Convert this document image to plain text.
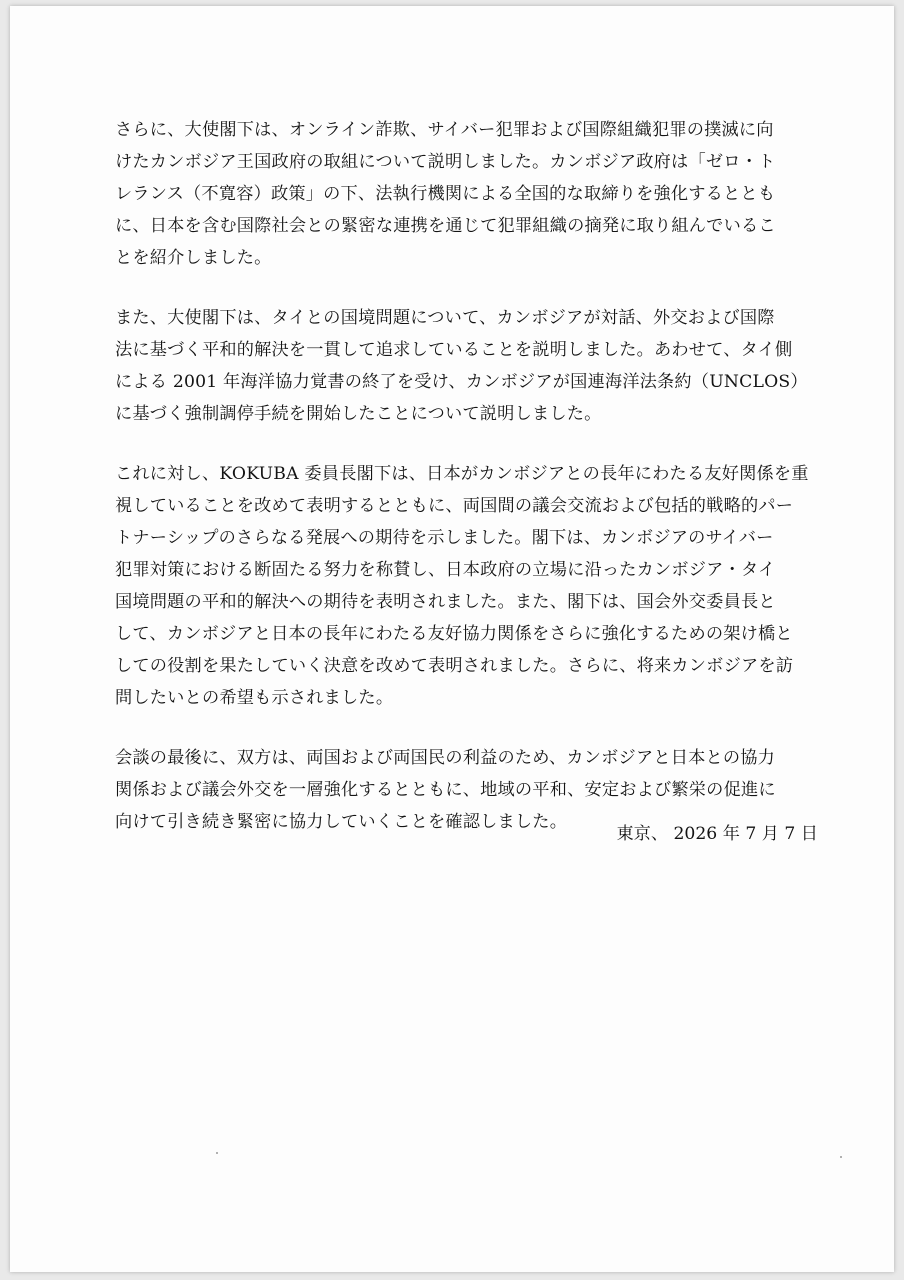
さらに、大使閣下は、オンライン詐欺、サイバー犯罪および国際組織犯罪の撲滅に向
けたカンボジア王国政府の取組について説明しました。カンボジア政府は「ゼロ・ト
レランス（不寛容）政策」の下、法執行機関による全国的な取締りを強化するととも
に、日本を含む国際社会との緊密な連携を通じて犯罪組織の摘発に取り組んでいるこ
とを紹介しました。

また、大使閣下は、タイとの国境問題について、カンボジアが対話、外交および国際
法に基づく平和的解決を一貫して追求していることを説明しました。あわせて、タイ側
による 2001 年海洋協力覚書の終了を受け、カンボジアが国連海洋法条約（UNCLOS）
に基づく強制調停手続を開始したことについて説明しました。

これに対し、KOKUBA 委員長閣下は、日本がカンボジアとの長年にわたる友好関係を重
視していることを改めて表明するとともに、両国間の議会交流および包括的戦略的パー
トナーシップのさらなる発展への期待を示しました。閣下は、カンボジアのサイバー
犯罪対策における断固たる努力を称賛し、日本政府の立場に沿ったカンボジア・タイ
国境問題の平和的解決への期待を表明されました。また、閣下は、国会外交委員長と
して、カンボジアと日本の長年にわたる友好協力関係をさらに強化するための架け橋と
しての役割を果たしていく決意を改めて表明されました。さらに、将来カンボジアを訪
問したいとの希望も示されました。

会談の最後に、双方は、両国および両国民の利益のため、カンボジアと日本との協力
関係および議会外交を一層強化するとともに、地域の平和、安定および繁栄の促進に
向けて引き続き緊密に協力していくことを確認しました。

東京、 2026 年 7 月 7 日
